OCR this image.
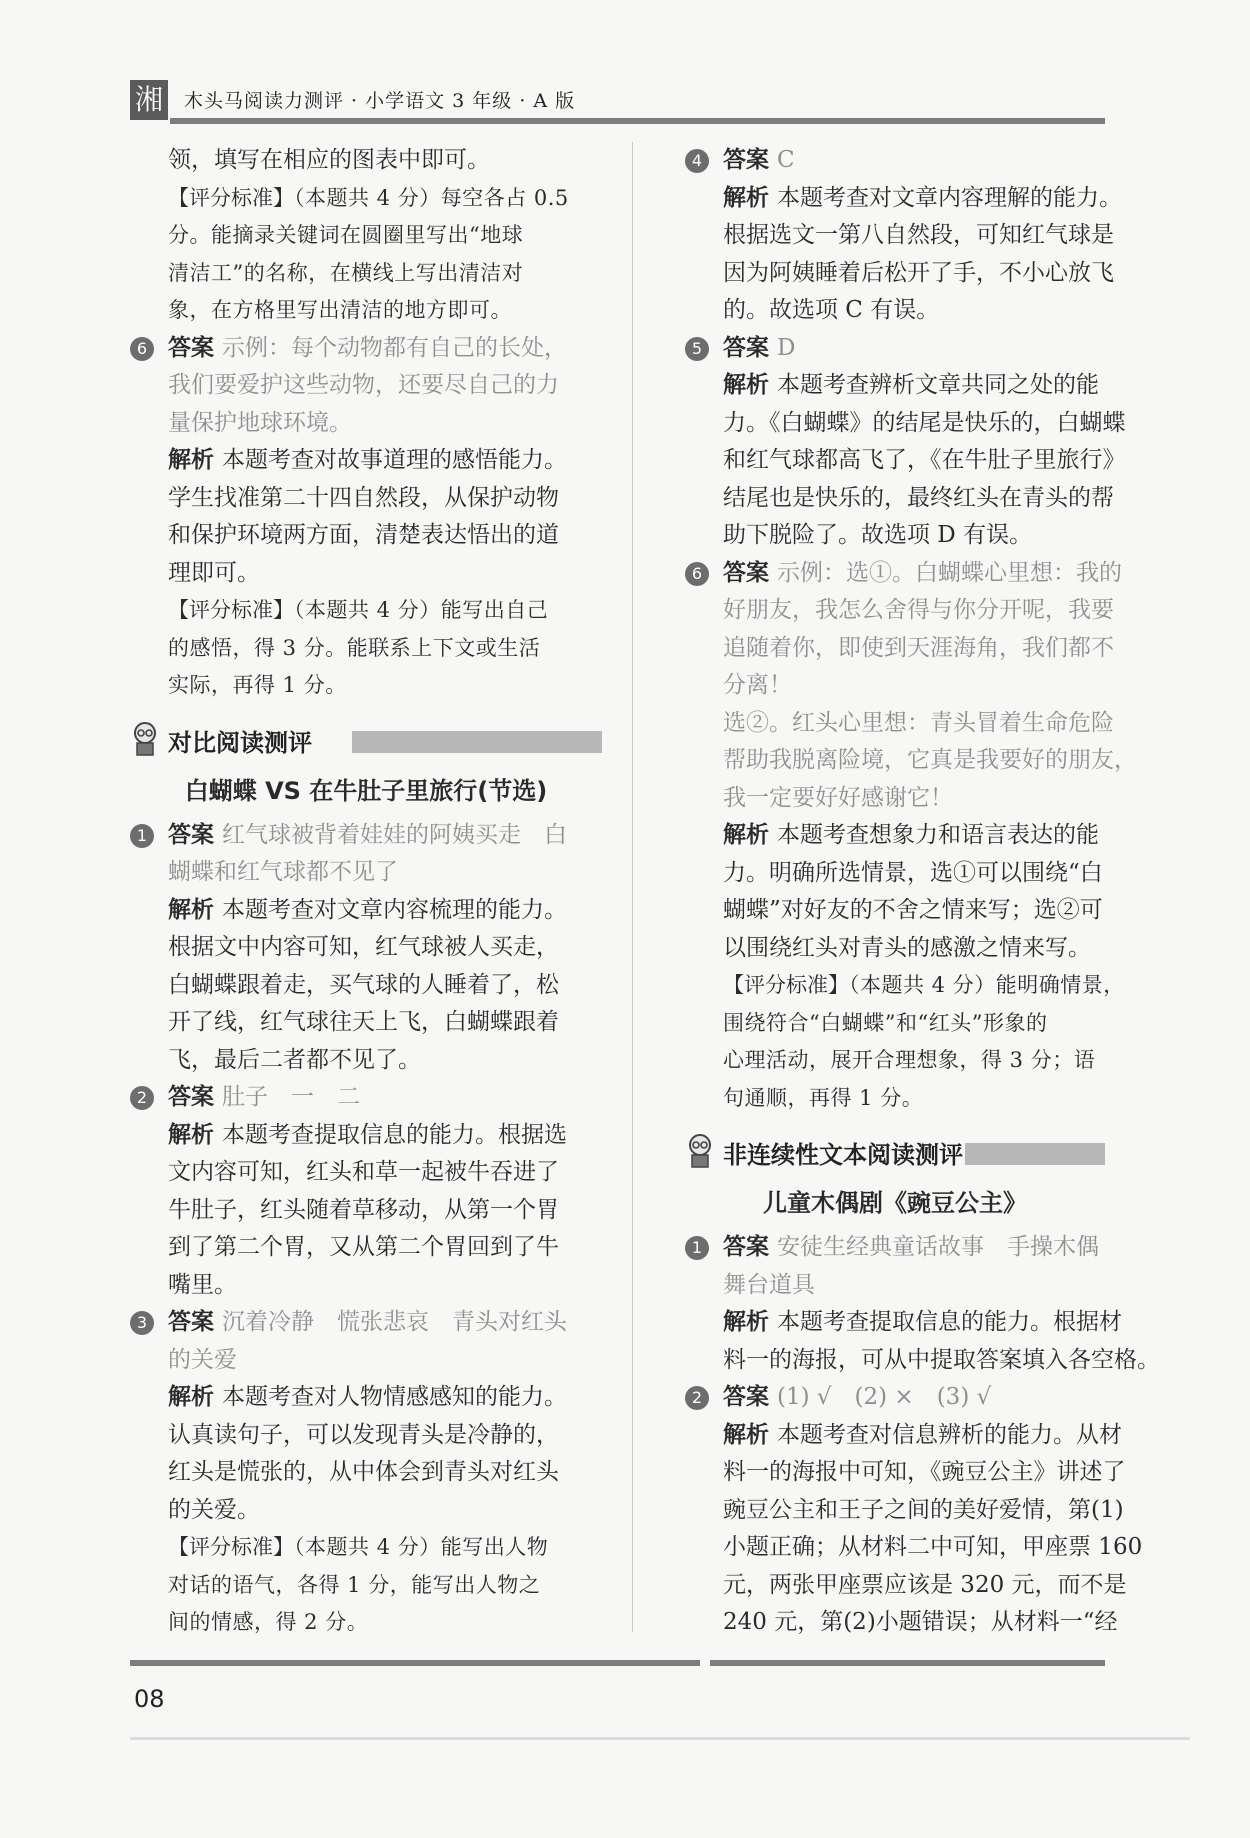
湘 木头马阅读力测评 · 小学语文 3 年级 · A 版
领，填写在相应的图表中即可。
【评分标准】（本题共 4 分）每空各占 0.5
分。能摘录关键词在圆圈里写出“地球
清洁工”的名称，在横线上写出清洁对
象，在方格里写出清洁的地方即可。
6 答案 示例：每个动物都有自己的长处，
我们要爱护这些动物，还要尽自己的力
量保护地球环境。
解析 本题考查对故事道理的感悟能力。
学生找准第二十四自然段，从保护动物
和保护环境两方面，清楚表达悟出的道
理即可。
【评分标准】（本题共 4 分）能写出自己
的感悟，得 3 分。能联系上下文或生活
实际，再得 1 分。
对比阅读测评
白蝴蝶 VS 在牛肚子里旅行(节选)
1 答案 红气球被背着娃娃的阿姨买走　白
蝴蝶和红气球都不见了
解析 本题考查对文章内容梳理的能力。
根据文中内容可知，红气球被人买走，
白蝴蝶跟着走，买气球的人睡着了，松
开了线，红气球往天上飞，白蝴蝶跟着
飞，最后二者都不见了。
2 答案 肚子　一　二
解析 本题考查提取信息的能力。根据选
文内容可知，红头和草一起被牛吞进了
牛肚子，红头随着草移动，从第一个胃
到了第二个胃，又从第二个胃回到了牛
嘴里。
3 答案 沉着冷静　慌张悲哀　青头对红头
的关爱
解析 本题考查对人物情感感知的能力。
认真读句子，可以发现青头是冷静的，
红头是慌张的，从中体会到青头对红头
的关爱。
【评分标准】（本题共 4 分）能写出人物
对话的语气，各得 1 分，能写出人物之
间的情感，得 2 分。
4 答案 C
解析 本题考查对文章内容理解的能力。
根据选文一第八自然段，可知红气球是
因为阿姨睡着后松开了手，不小心放飞
的。故选项 C 有误。
5 答案 D
解析 本题考查辨析文章共同之处的能
力。《白蝴蝶》的结尾是快乐的，白蝴蝶
和红气球都高飞了，《在牛肚子里旅行》
结尾也是快乐的，最终红头在青头的帮
助下脱险了。故选项 D 有误。
6 答案 示例：选①。白蝴蝶心里想：我的
好朋友，我怎么舍得与你分开呢，我要
追随着你，即使到天涯海角，我们都不
分离！
选②。红头心里想：青头冒着生命危险
帮助我脱离险境，它真是我要好的朋友，
我一定要好好感谢它！
解析 本题考查想象力和语言表达的能
力。明确所选情景，选①可以围绕“白
蝴蝶”对好友的不舍之情来写；选②可
以围绕红头对青头的感激之情来写。
【评分标准】（本题共 4 分）能明确情景，
围绕符合“白蝴蝶”和“红头”形象的
心理活动，展开合理想象，得 3 分；语
句通顺，再得 1 分。
非连续性文本阅读测评
儿童木偶剧《豌豆公主》
1 答案 安徒生经典童话故事　手操木偶
舞台道具
解析 本题考查提取信息的能力。根据材
料一的海报，可从中提取答案填入各空格。
2 答案 (1) √　(2) ×　(3) √
解析 本题考查对信息辨析的能力。从材
料一的海报中可知，《豌豆公主》讲述了
豌豆公主和王子之间的美好爱情，第(1)
小题正确；从材料二中可知，甲座票 160
元，两张甲座票应该是 320 元，而不是
240 元，第(2)小题错误；从材料一“经
08
